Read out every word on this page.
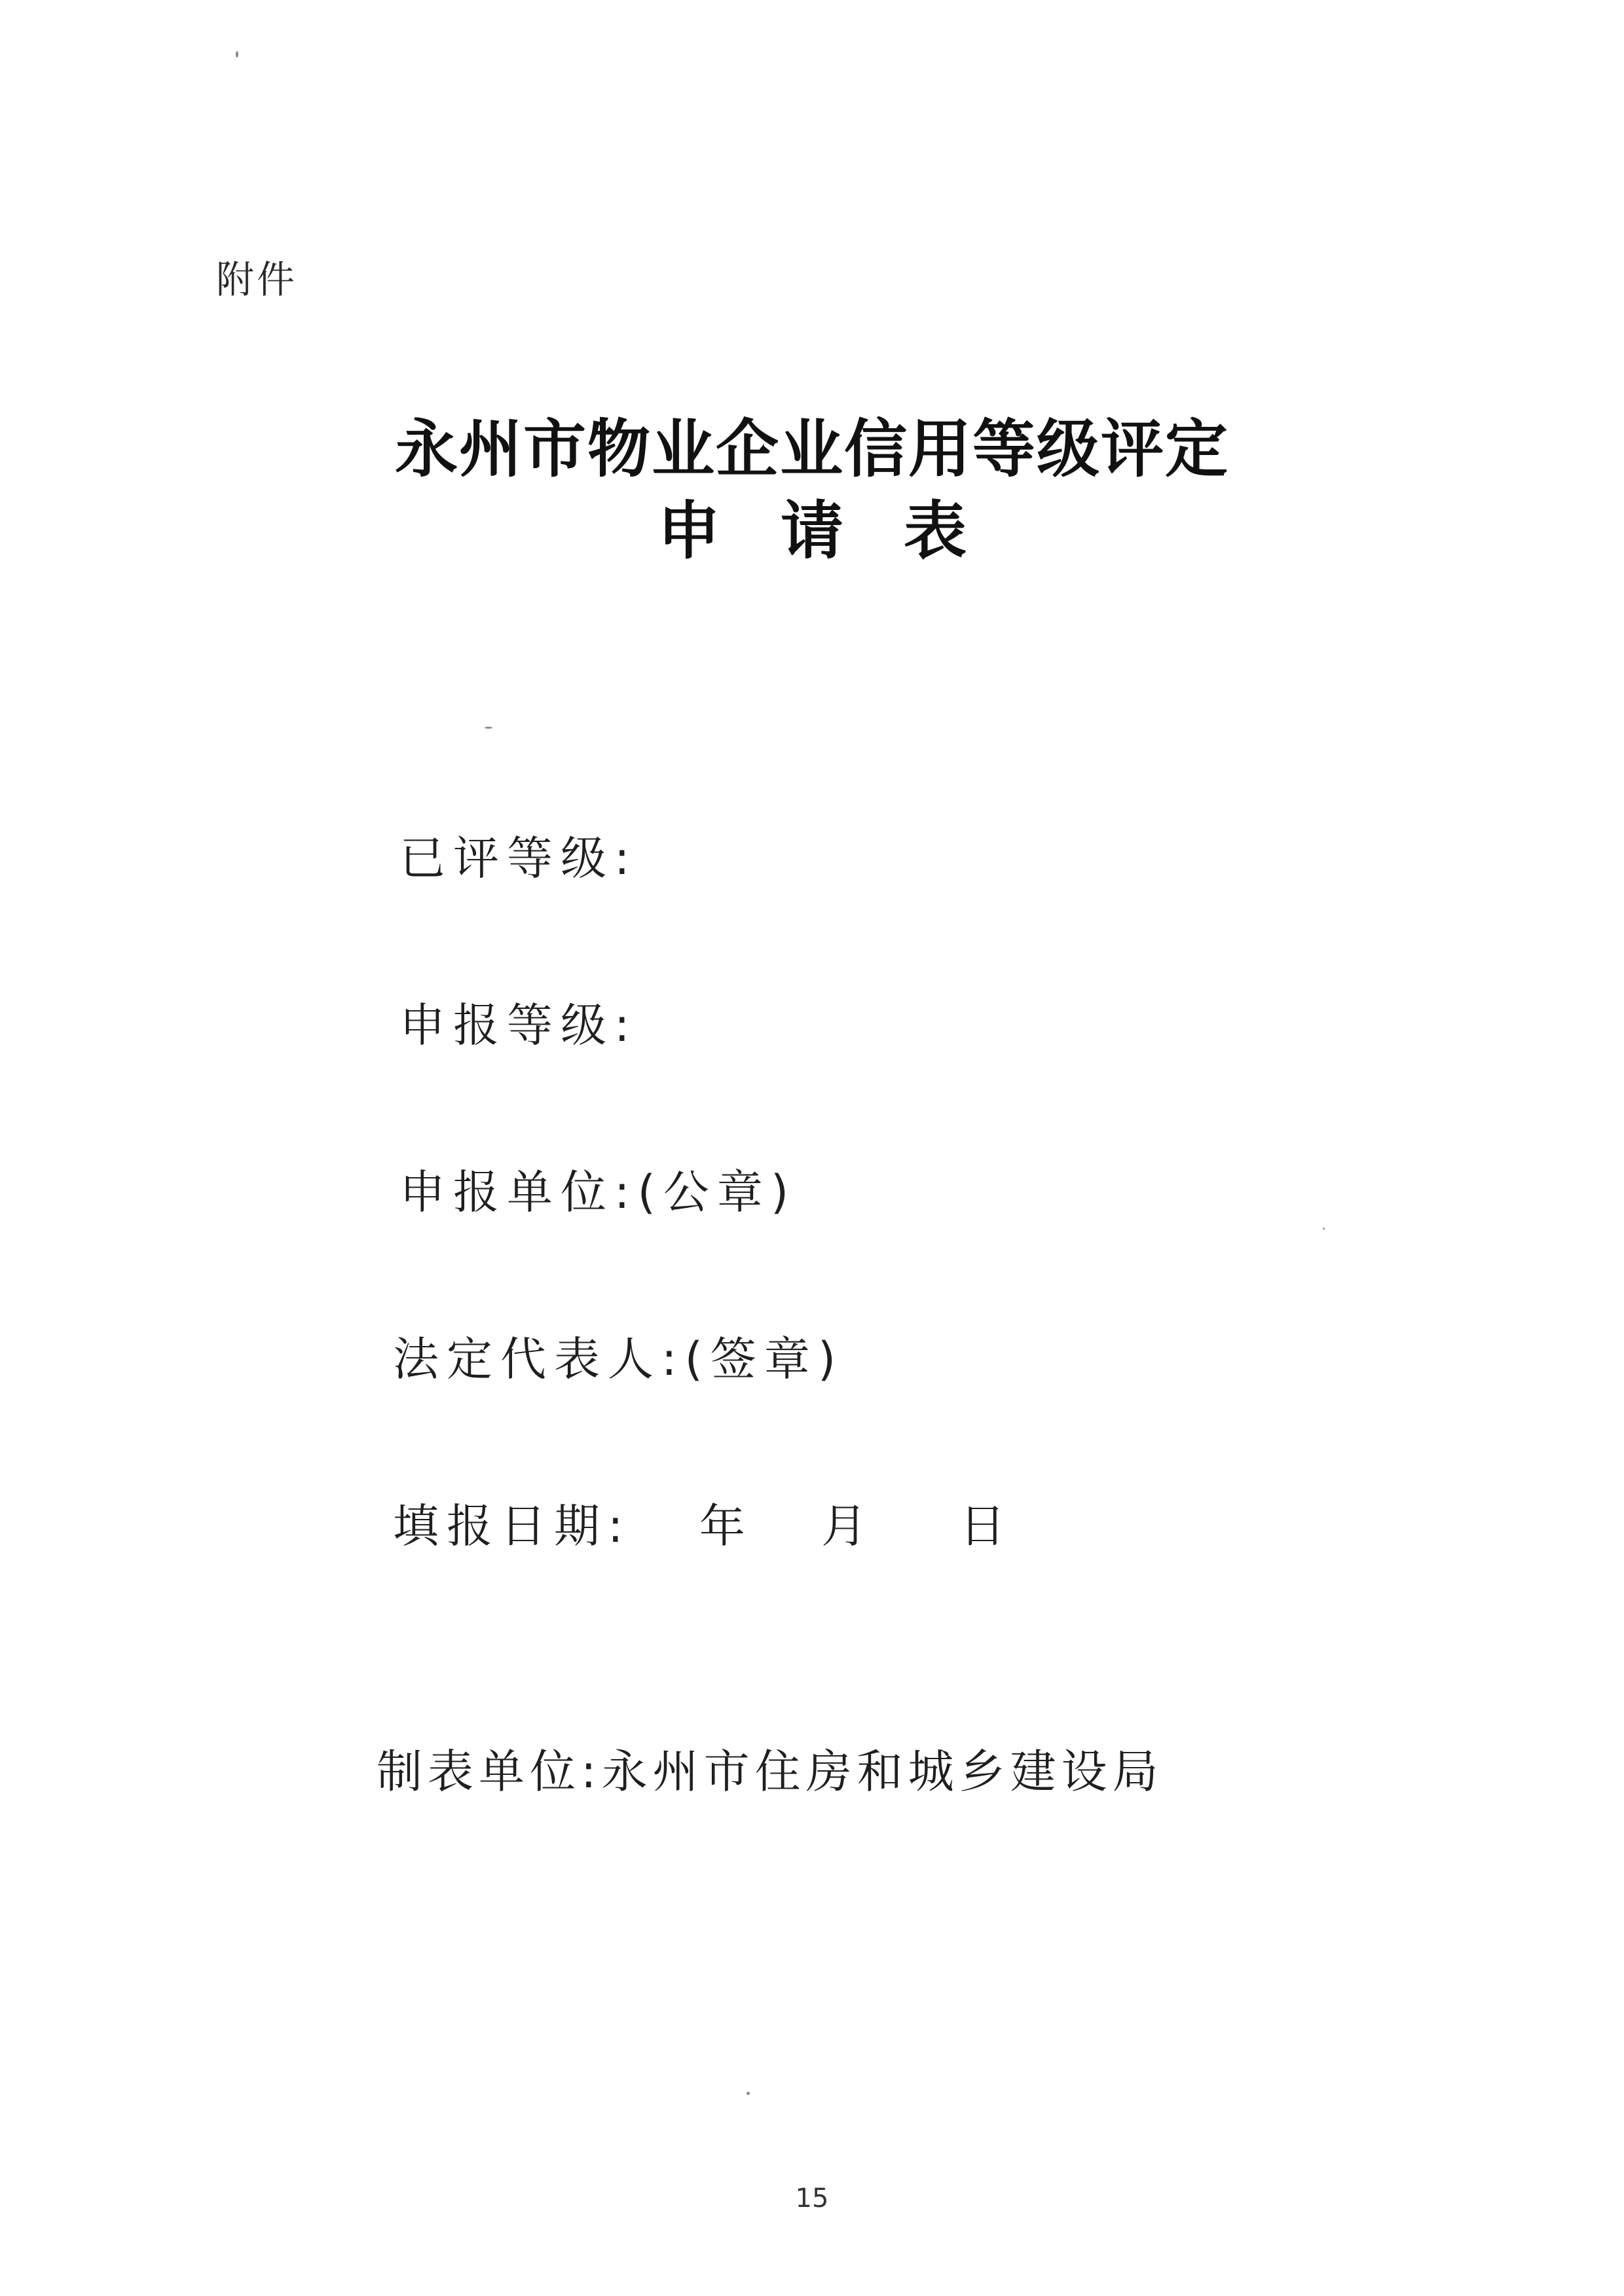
附件
永州市物业企业信用等级评定
申请表
已评等级:
申报等级:
申报单位:(公章)
法定代表人:(签章)
填报日期: 年 月 日
制表单位:永州市住房和城乡建设局
15
